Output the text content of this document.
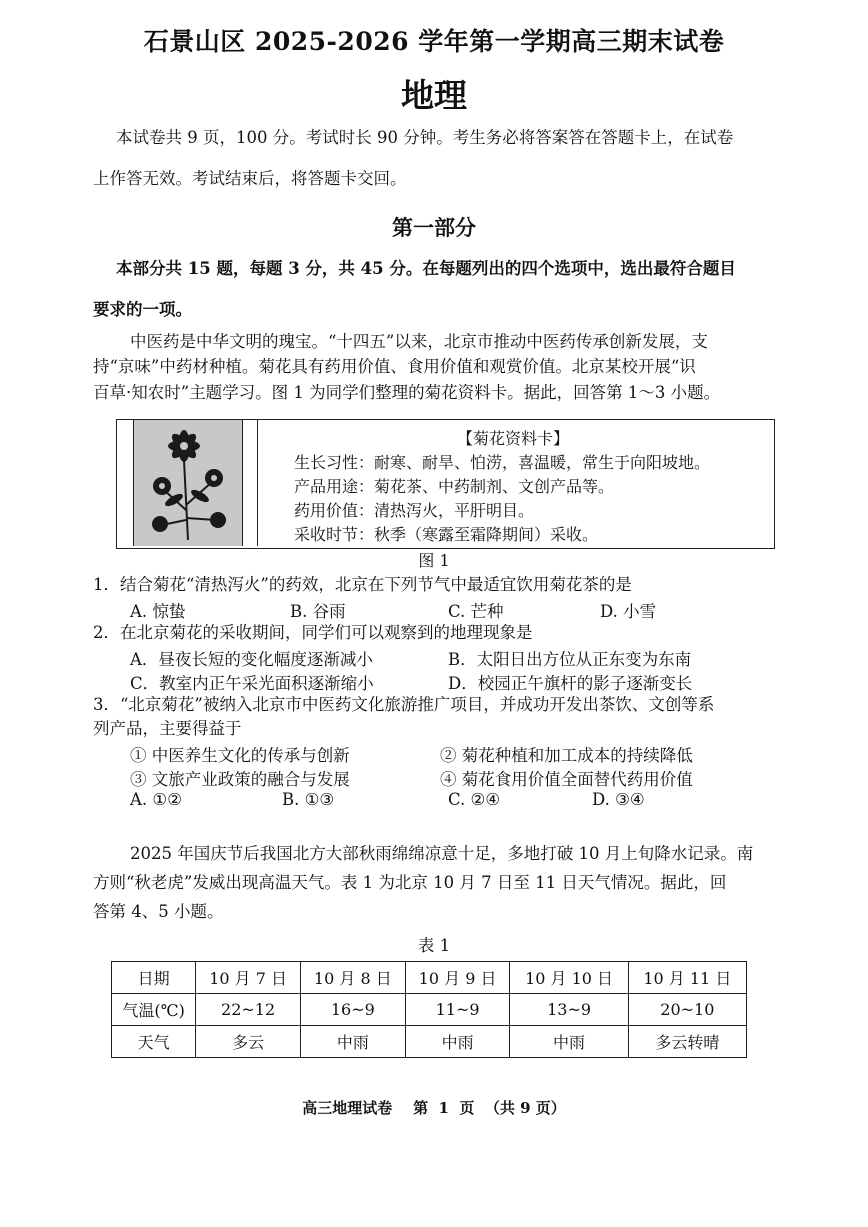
石景山区 2025-2026 学年第一学期高三期末试卷
地理
本试卷共 9 页，100 分。考试时长 90 分钟。考生务必将答案答在答题卡上，在试卷
上作答无效。考试结束后，将答题卡交回。
第一部分
本部分共 15 题，每题 3 分，共 45 分。在每题列出的四个选项中，选出最符合题目
要求的一项。
中医药是中华文明的瑰宝。“十四五”以来，北京市推动中医药传承创新发展，支
持“京味”中药材种植。菊花具有药用价值、食用价值和观赏价值。北京某校开展“识
百草·知农时”主题学习。图 1 为同学们整理的菊花资料卡。据此，回答第 1～3 小题。
【菊花资料卡】
生长习性：耐寒、耐旱、怕涝，喜温暖，常生于向阳坡地。
产品用途：菊花茶、中药制剂、文创产品等。
药用价值：清热泻火，平肝明目。
采收时节：秋季（寒露至霜降期间）采收。
图 1
1．结合菊花“清热泻火”的药效，北京在下列节气中最适宜饮用菊花茶的是
A. 惊蛰	B. 谷雨	C. 芒种	D. 小雪
2．在北京菊花的采收期间，同学们可以观察到的地理现象是
A．昼夜长短的变化幅度逐渐减小	B．太阳日出方位从正东变为东南
C．教室内正午采光面积逐渐缩小	D．校园正午旗杆的影子逐渐变长
3．“北京菊花”被纳入北京市中医药文化旅游推广项目，并成功开发出茶饮、文创等系
列产品，主要得益于
① 中医养生文化的传承与创新	② 菊花种植和加工成本的持续降低
③ 文旅产业政策的融合与发展	④ 菊花食用价值全面替代药用价值
A. ①②	B. ①③	C. ②④	D. ③④
2025 年国庆节后我国北方大部秋雨绵绵凉意十足，多地打破 10 月上旬降水记录。南
方则“秋老虎”发威出现高温天气。表 1 为北京 10 月 7 日至 11 日天气情况。据此，回
答第 4、5 小题。
表 1
日期	10 月 7 日	10 月 8 日	10 月 9 日	10 月 10 日	10 月 11 日
气温(℃)	22~12	16~9	11~9	13~9	20~10
天气	多云	中雨	中雨	中雨	多云转晴
高三地理试卷    第  1  页  （共 9 页）
